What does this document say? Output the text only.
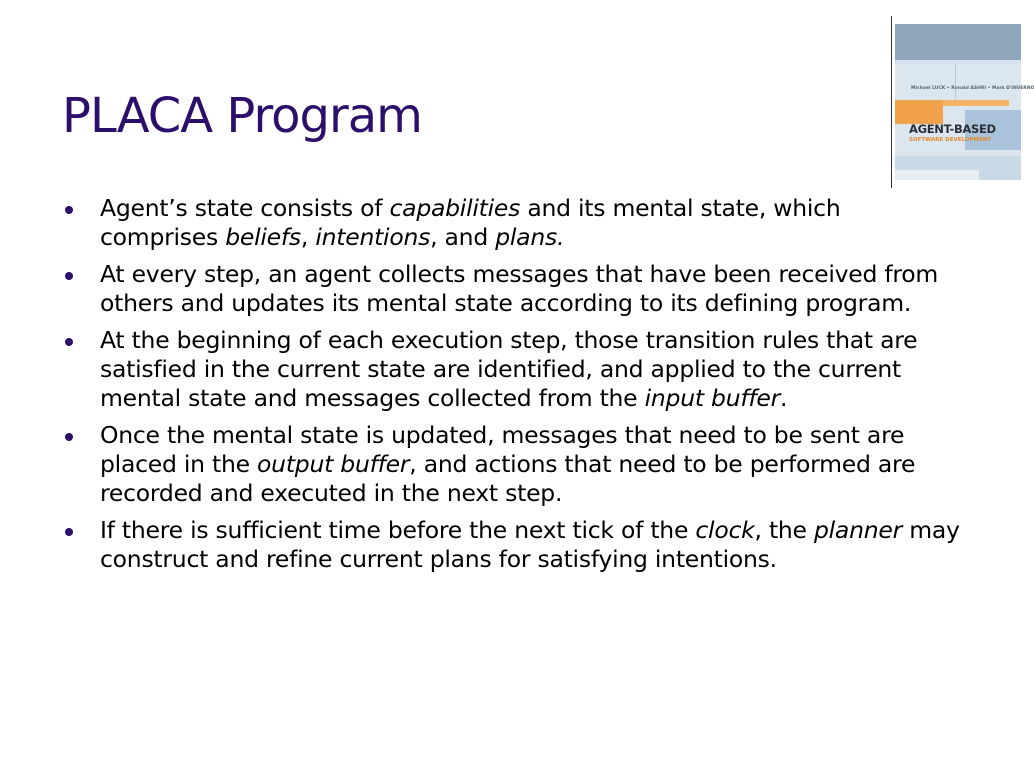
PLACA Program	Michael LUCK • Ronald ASHRI • Mark D'INVERNO
AGENT-BASED
SOFTWARE DEVELOPMENT
Agent’s state consists of capabilities and its mental state, which comprises beliefs, intentions, and plans.
At every step, an agent collects messages that have been received from others and updates its mental state according to its defining program.
At the beginning of each execution step, those transition rules that are satisfied in the current state are identified, and applied to the current mental state and messages collected from the input buffer.
Once the mental state is updated, messages that need to be sent are placed in the output buffer, and actions that need to be performed are recorded and executed in the next step.
If there is sufficient time before the next tick of the clock, the planner may construct and refine current plans for satisfying intentions.
